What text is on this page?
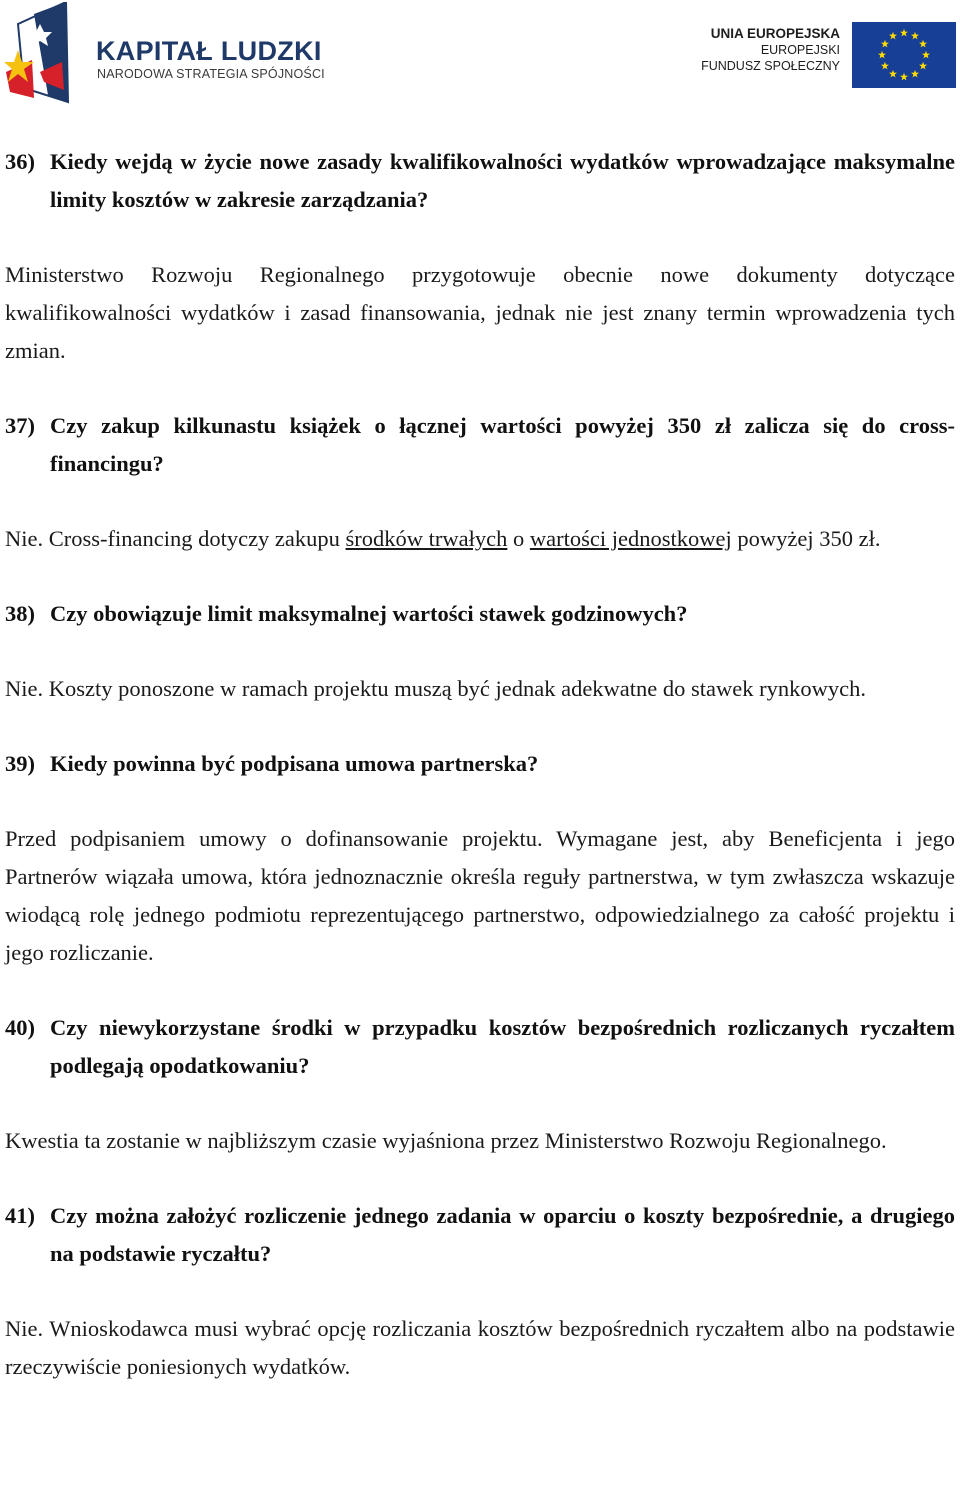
KAPITAŁ LUDZKI
NARODOWA STRATEGIA SPÓJNOŚCI
UNIA EUROPEJSKA
EUROPEJSKI
FUNDUSZ SPOŁECZNY

36) Kiedy wejdą w życie nowe zasady kwalifikowalności wydatków wprowadzające maksymalne limity kosztów w zakresie zarządzania?

Ministerstwo Rozwoju Regionalnego przygotowuje obecnie nowe dokumenty dotyczące kwalifikowalności wydatków i zasad finansowania, jednak nie jest znany termin wprowadzenia tych zmian.

37) Czy zakup kilkunastu książek o łącznej wartości powyżej 350 zł zalicza się do cross-financingu?

Nie. Cross-financing dotyczy zakupu środków trwałych o wartości jednostkowej powyżej 350 zł.

38) Czy obowiązuje limit maksymalnej wartości stawek godzinowych?

Nie. Koszty ponoszone w ramach projektu muszą być jednak adekwatne do stawek rynkowych.

39) Kiedy powinna być podpisana umowa partnerska?

Przed podpisaniem umowy o dofinansowanie projektu. Wymagane jest, aby Beneficjenta i jego Partnerów wiązała umowa, która jednoznacznie określa reguły partnerstwa, w tym zwłaszcza wskazuje wiodącą rolę jednego podmiotu reprezentującego partnerstwo, odpowiedzialnego za całość projektu i jego rozliczanie.

40) Czy niewykorzystane środki w przypadku kosztów bezpośrednich rozliczanych ryczałtem podlegają opodatkowaniu?

Kwestia ta zostanie w najbliższym czasie wyjaśniona przez Ministerstwo Rozwoju Regionalnego.

41) Czy można założyć rozliczenie jednego zadania w oparciu o koszty bezpośrednie, a drugiego na podstawie ryczałtu?

Nie. Wnioskodawca musi wybrać opcję rozliczania kosztów bezpośrednich ryczałtem albo na podstawie rzeczywiście poniesionych wydatków.
